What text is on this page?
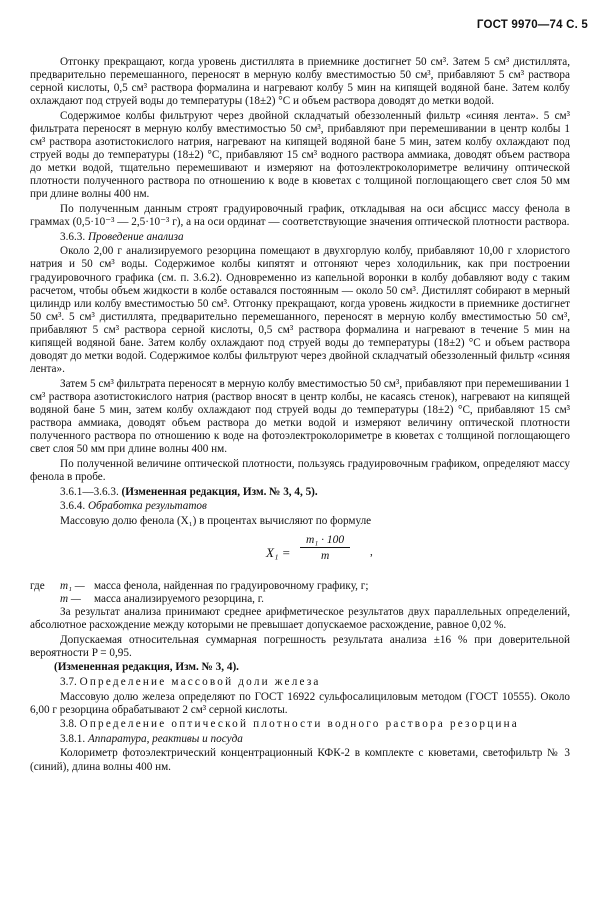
ГОСТ 9970—74 С. 5

Отгонку прекращают, когда уровень дистиллята в приемнике достигнет 50 см³. Затем 5 см³ дистиллята, предварительно перемешанного, переносят в мерную колбу вместимостью 50 см³, прибавляют 5 см³ раствора серной кислоты, 0,5 см³ раствора формалина и нагревают колбу 5 мин на кипящей водяной бане. Затем колбу охлаждают под струей воды до температуры (18±2) °С и объем раствора доводят до метки водой.

Содержимое колбы фильтруют через двойной складчатый обеззоленный фильтр «синяя лента». 5 см³ фильтрата переносят в мерную колбу вместимостью 50 см³, прибавляют при перемешивании в центр колбы 1 см³ раствора азотистокислого натрия, нагревают на кипящей водяной бане 5 мин, затем колбу охлаждают под струей воды до температуры (18±2) °С, прибавляют 15 см³ водного раствора аммиака, доводят объем раствора до метки водой, тщательно перемешивают и измеряют на фотоэлектроколориметре величину оптической плотности полученного раствора по отношению к воде в кюветах с толщиной поглощающего свет слоя 50 мм при длине волны 400 нм.

По полученным данным строят градуировочный график, откладывая на оси абсцисс массу фенола в граммах (0,5·10⁻³ — 2,5·10⁻³ г), а на оси ординат — соответствующие значения оптической плотности раствора.

3.6.3. Проведение анализа

Около 2,00 г анализируемого резорцина помещают в двухгорлую колбу, прибавляют 10,00 г хлористого натрия и 50 см³ воды. Содержимое колбы кипятят и отгоняют через холодильник, как при построении градуировочного графика (см. п. 3.6.2). Одновременно из капельной воронки в колбу добавляют воду с таким расчетом, чтобы объем жидкости в колбе оставался постоянным — около 50 см³. Дистиллят собирают в мерный цилиндр или колбу вместимостью 50 см³. Отгонку прекращают, когда уровень жидкости в приемнике достигнет 50 см³. 5 см³ дистиллята, предварительно перемешанного, переносят в мерную колбу вместимостью 50 см³, прибавляют 5 см³ раствора серной кислоты, 0,5 см³ раствора формалина и нагревают в течение 5 мин на кипящей водяной бане. Затем колбу охлаждают под струей воды до температуры (18±2) °С и объем раствора доводят до метки водой. Содержимое колбы фильтруют через двойной складчатый обеззоленный фильтр «синяя лента».

Затем 5 см³ фильтрата переносят в мерную колбу вместимостью 50 см³, прибавляют при перемешивании 1 см³ раствора азотистокислого натрия (раствор вносят в центр колбы, не касаясь стенок), нагревают на кипящей водяной бане 5 мин, затем колбу охлаждают под струей воды до температуры (18±2) °С, прибавляют 15 см³ раствора аммиака, доводят объем раствора до метки водой и измеряют величину оптической плотности полученного раствора по отношению к воде на фотоэлектроколориметре в кюветах с толщиной поглощающего свет слоя 50 мм при длине волны 400 нм.

По полученной величине оптической плотности, пользуясь градуировочным графиком, определяют массу фенола в пробе.

3.6.1—3.6.3. (Измененная редакция, Изм. № 3, 4, 5).

3.6.4. Обработка результатов

Массовую долю фенола (X₁) в процентах вычисляют по формуле

$X_1 = \frac{\text{m₁ · 100}}{m}$ ,
где	m₁ — масса фенола, найденная по градуировочному графику, г;
m —	масса анализируемого резорцина, г.

За результат анализа принимают среднее арифметическое результатов двух параллельных определений, абсолютное расхождение между которыми не превышает допускаемое расхождение, равное 0,02 %.

Допускаемая относительная суммарная погрешность результата анализа ±16 % при доверительной вероятности P = 0,95.

(Измененная редакция, Изм. № 3, 4).

3.7. Определение массовой доли железа

Массовую долю железа определяют по ГОСТ 16922 сульфосалициловым методом (ГОСТ 10555). Около 6,00 г резорцина обрабатывают 2 см³ серной кислоты.

3.8. Определение оптической плотности водного раствора резорцина

3.8.1. Аппаратура, реактивы и посуда

Колориметр фотоэлектрический концентрационный КФК-2 в комплекте с кюветами, светофильтр № 3 (синий), длина волны 400 нм.
